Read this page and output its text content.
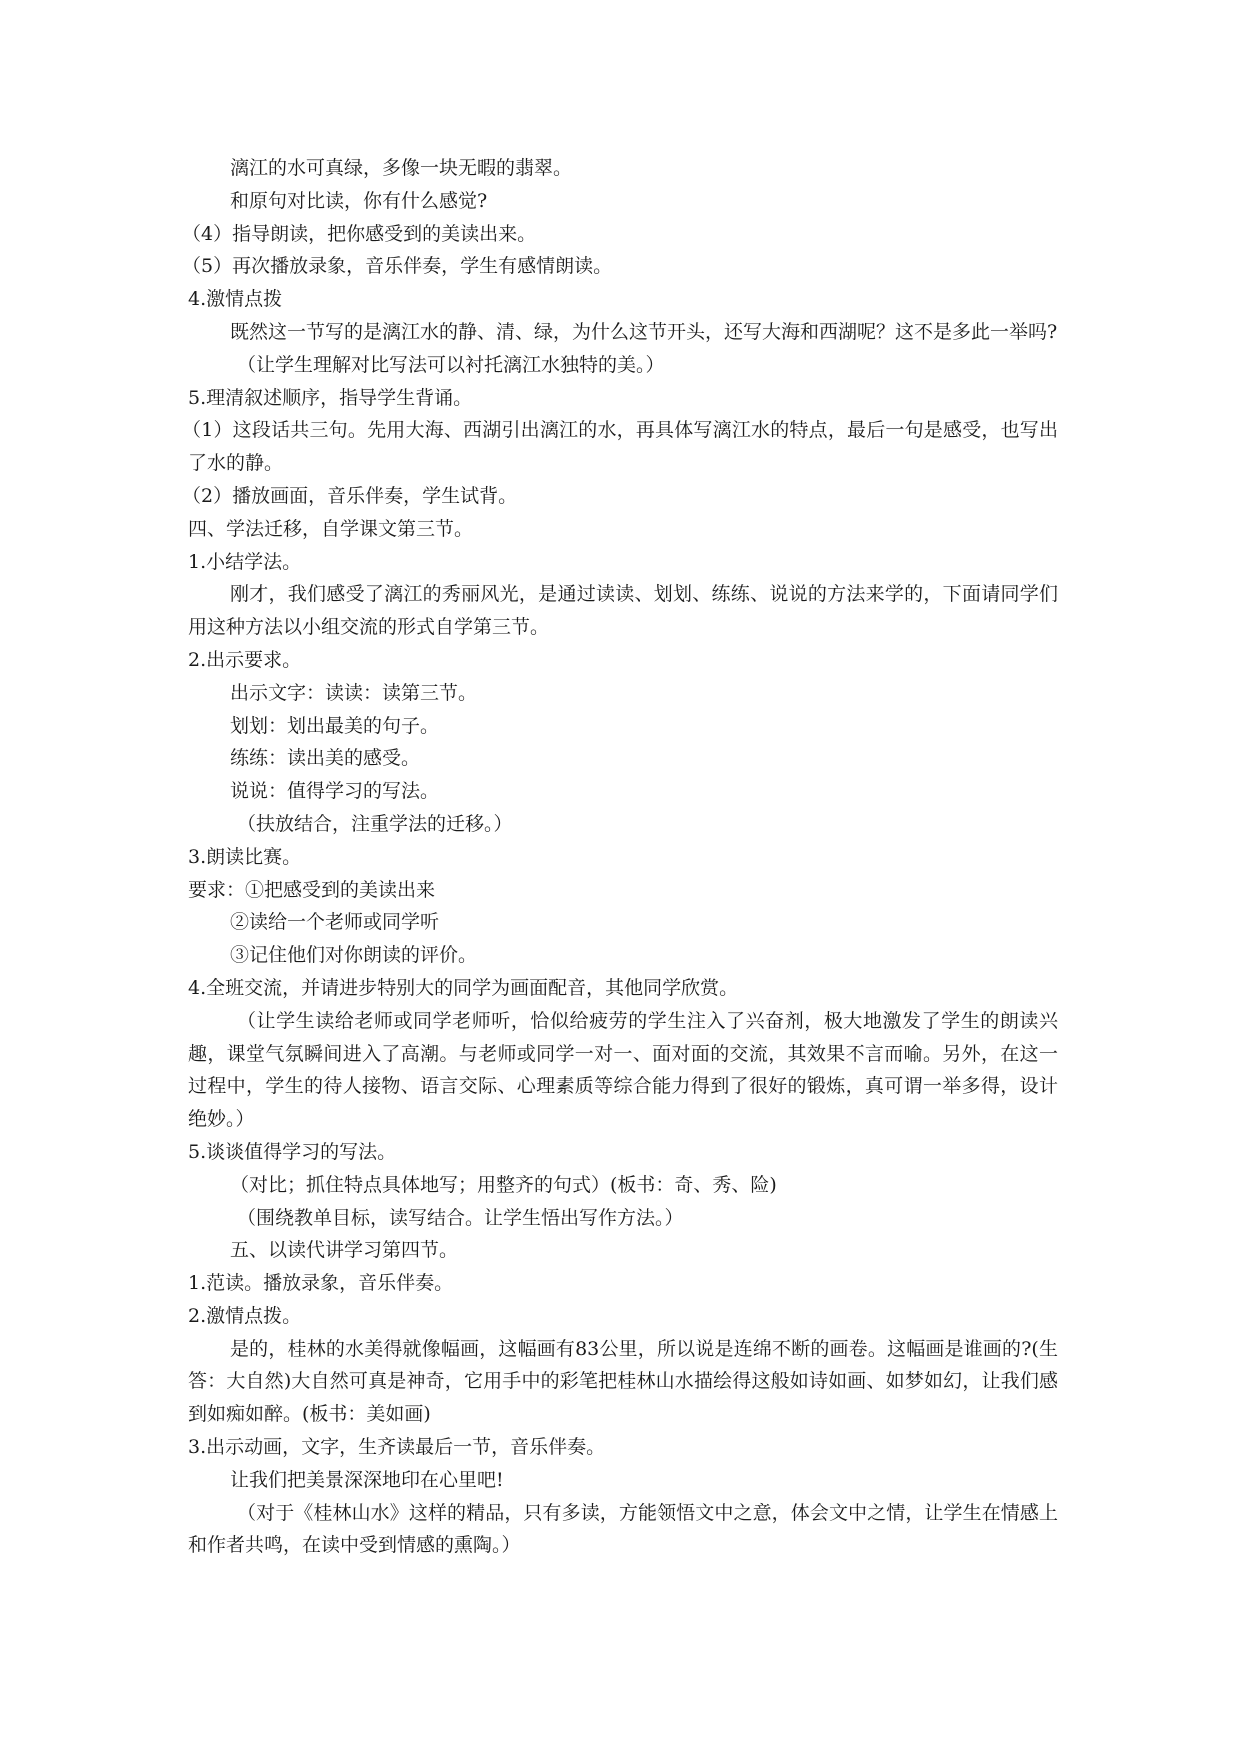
漓江的水可真绿，多像一块无暇的翡翠。

和原句对比读，你有什么感觉?

（4）指导朗读，把你感受到的美读出来。

（5）再次播放录象，音乐伴奏，学生有感情朗读。

4.激情点拨

既然这一节写的是漓江水的静、清、绿，为什么这节开头，还写大海和西湖呢？这不是多此一举吗?

（让学生理解对比写法可以衬托漓江水独特的美。）

5.理清叙述顺序，指导学生背诵。

（1）这段话共三句。先用大海、西湖引出漓江的水，再具体写漓江水的特点，最后一句是感受，也写出了水的静。

（2）播放画面，音乐伴奏，学生试背。

四、学法迁移，自学课文第三节。

1.小结学法。

刚才，我们感受了漓江的秀丽风光，是通过读读、划划、练练、说说的方法来学的，下面请同学们用这种方法以小组交流的形式自学第三节。

2.出示要求。

出示文字：读读：读第三节。

划划：划出最美的句子。

练练：读出美的感受。

说说：值得学习的写法。

（扶放结合，注重学法的迁移。）

3.朗读比赛。

要求：①把感受到的美读出来

②读给一个老师或同学听

③记住他们对你朗读的评价。

4.全班交流，并请进步特别大的同学为画面配音，其他同学欣赏。

（让学生读给老师或同学老师听，恰似给疲劳的学生注入了兴奋剂，极大地激发了学生的朗读兴趣，课堂气氛瞬间进入了高潮。与老师或同学一对一、面对面的交流，其效果不言而喻。另外，在这一过程中，学生的待人接物、语言交际、心理素质等综合能力得到了很好的锻炼，真可谓一举多得，设计绝妙。）

5.谈谈值得学习的写法。

（对比；抓住特点具体地写；用整齐的句式）(板书：奇、秀、险)

（围绕教单目标，读写结合。让学生悟出写作方法。）

五、以读代讲学习第四节。

1.范读。播放录象，音乐伴奏。

2.激情点拨。

是的，桂林的水美得就像幅画，这幅画有83公里，所以说是连绵不断的画卷。这幅画是谁画的?(生答：大自然)大自然可真是神奇，它用手中的彩笔把桂林山水描绘得这般如诗如画、如梦如幻，让我们感到如痴如醉。(板书：美如画)

3.出示动画，文字，生齐读最后一节，音乐伴奏。

让我们把美景深深地印在心里吧!

（对于《桂林山水》这样的精品，只有多读，方能领悟文中之意，体会文中之情，让学生在情感上和作者共鸣，在读中受到情感的熏陶。）
